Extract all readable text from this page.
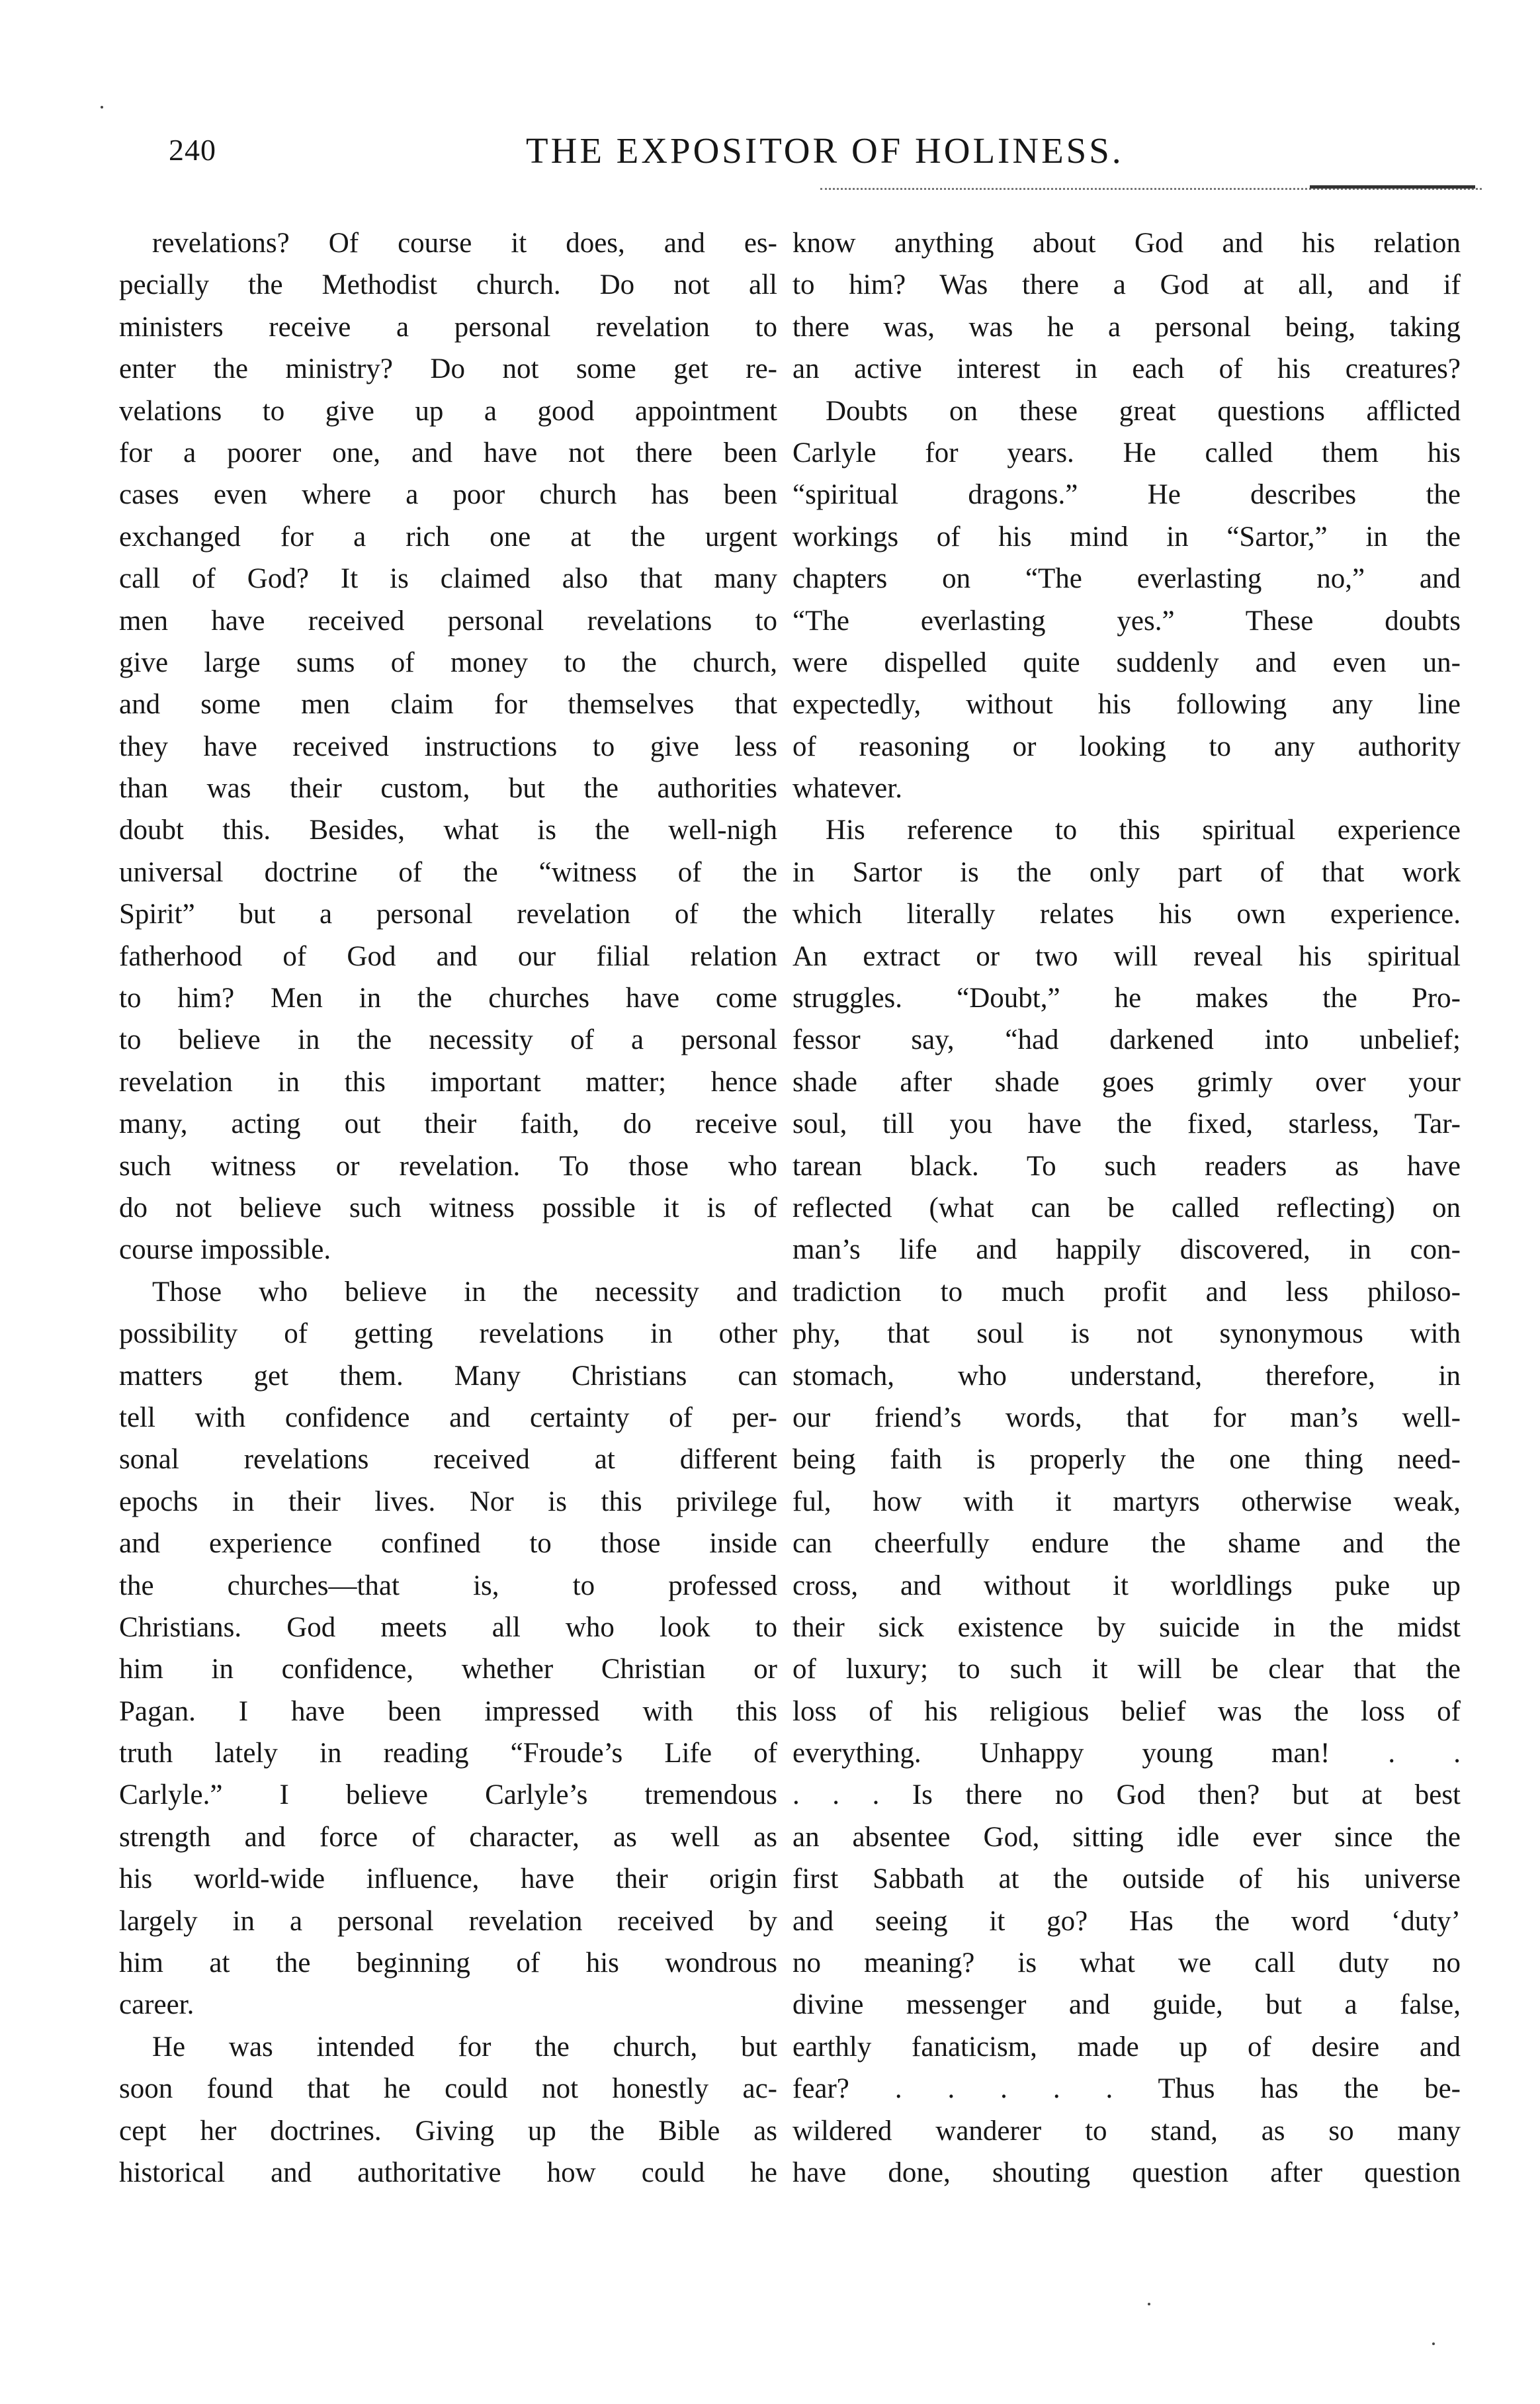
240	THE EXPOSITOR OF HOLINESS.
revelations? Of course it does, and es-
pecially the Methodist church. Do not all
ministers receive a personal revelation to
enter the ministry? Do not some get re-
velations to give up a good appointment
for a poorer one, and have not there been
cases even where a poor church has been
exchanged for a rich one at the urgent
call of God? It is claimed also that many
men have received personal revelations to
give large sums of money to the church,
and some men claim for themselves that
they have received instructions to give less
than was their custom, but the authorities
doubt this. Besides, what is the well-nigh
universal doctrine of the “witness of the
Spirit” but a personal revelation of the
fatherhood of God and our filial relation
to him? Men in the churches have come
to believe in the necessity of a personal
revelation in this important matter; hence
many, acting out their faith, do receive
such witness or revelation. To those who
do not believe such witness possible it is of
course impossible.
Those who believe in the necessity and
possibility of getting revelations in other
matters get them. Many Christians can
tell with confidence and certainty of per-
sonal revelations received at different
epochs in their lives. Nor is this privilege
and experience confined to those inside
the churches—that is, to professed
Christians. God meets all who look to
him in confidence, whether Christian or
Pagan. I have been impressed with this
truth lately in reading “Froude’s Life of
Carlyle.” I believe Carlyle’s tremendous
strength and force of character, as well as
his world-wide influence, have their origin
largely in a personal revelation received by
him at the beginning of his wondrous
career.
He was intended for the church, but
soon found that he could not honestly ac-
cept her doctrines. Giving up the Bible as
historical and authoritative how could he
know anything about God and his relation
to him? Was there a God at all, and if
there was, was he a personal being, taking
an active interest in each of his creatures?
Doubts on these great questions afflicted
Carlyle for years. He called them his
“spiritual dragons.” He describes the
workings of his mind in “Sartor,” in the
chapters on “The everlasting no,” and
“The everlasting yes.” These doubts
were dispelled quite suddenly and even un-
expectedly, without his following any line
of reasoning or looking to any authority
whatever.
His reference to this spiritual experience
in Sartor is the only part of that work
which literally relates his own experience.
An extract or two will reveal his spiritual
struggles. “Doubt,” he makes the Pro-
fessor say, “had darkened into unbelief;
shade after shade goes grimly over your
soul, till you have the fixed, starless, Tar-
tarean black. To such readers as have
reflected (what can be called reflecting) on
man’s life and happily discovered, in con-
tradiction to much profit and less philoso-
phy, that soul is not synonymous with
stomach, who understand, therefore, in
our friend’s words, that for man’s well-
being faith is properly the one thing need-
ful, how with it martyrs otherwise weak,
can cheerfully endure the shame and the
cross, and without it worldlings puke up
their sick existence by suicide in the midst
of luxury; to such it will be clear that the
loss of his religious belief was the loss of
everything. Unhappy young man! . .
. . . Is there no God then? but at best
an absentee God, sitting idle ever since the
first Sabbath at the outside of his universe
and seeing it go? Has the word ‘duty’
no meaning? is what we call duty no
divine messenger and guide, but a false,
earthly fanaticism, made up of desire and
fear? . . . . . Thus has the be-
wildered wanderer to stand, as so many
have done, shouting question after question
